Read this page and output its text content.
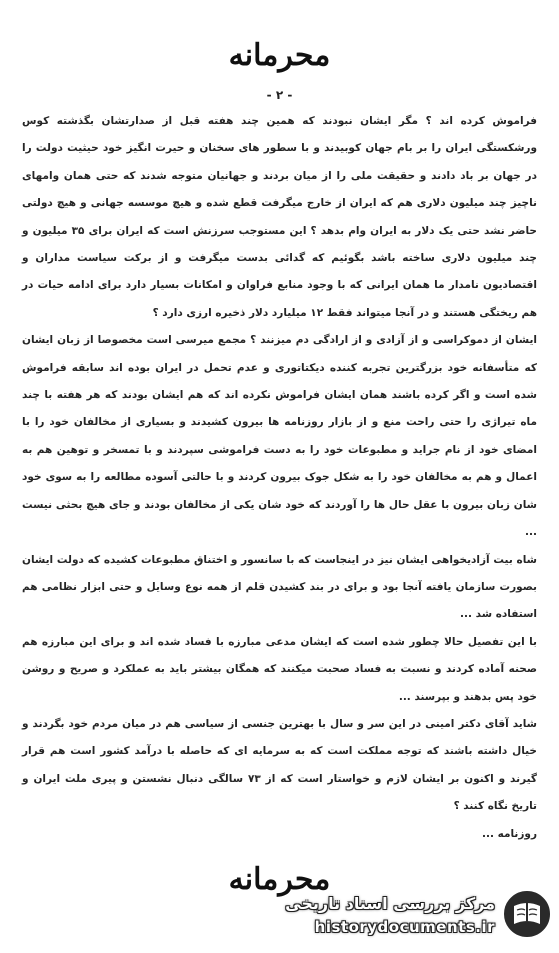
محرمانه
- ۲ -

فراموش کرده اند ؟ مگر ایشان نبودند که همین چند هفته قبل از صدارتشان بگذشته کوس ورشکستگی ایران را بر بام جهان کوبیدند و با سطور های سخنان و حیرت انگیز خود حیثیت دولت را در جهان بر باد دادند و حقیقت ملی را از میان بردند و جهانیان متوجه شدند که حتی همان وامهای ناچیز چند میلیون دلاری هم که ایران از خارج میگرفت قطع شده و هیچ موسسه جهانی و هیچ دولتی حاضر نشد حتی یک دلار به ایران وام بدهد ؟ این مستوجب سرزنش است که ایران برای ۳۵ میلیون و چند میلیون دلاری ساخته باشد بگوئیم که گدائی بدست میگرفت و از برکت سیاست مداران و اقتصادیون نامدار ما همان ایرانی که با وجود منابع فراوان و امکانات بسیار دارد برای ادامه حیات در هم ریختگی هستند و در آنجا میتواند فقط ۱۲ میلیارد دلار ذخیره ارزی دارد ؟

ایشان از دموکراسی و از آزادی و از ارادگی دم میزنند ؟ مجمع میرسی است مخصوصا از زبان ایشان که متأسفانه خود بزرگترین تجربه کننده دیکتاتوری و عدم تحمل در ایران بوده اند سابقه فراموش شده است و اگر کرده باشند همان ایشان فراموش نکرده اند که هم ایشان بودند که هر هفته با چند ماه تیراژی را حتی راحت منع و از بازار روزنامه ها بیرون کشیدند و بسیاری از مخالفان خود را با امضای خود از نام جراید و مطبوعات خود را به دست فراموشی سپردند و با تمسخر و توهین هم به اعمال و هم به مخالفان خود را به شکل جوک بیرون کردند و با حالتی آسوده مطالعه را به سوی خود شان زبان بیرون با عقل حال ها را آوردند که خود شان یکی از مخالفان بودند و جای هیچ بحثی نیست ...

شاه بیت آزادیخواهی ایشان نیز در اینجاست که با سانسور و اختناق مطبوعات کشیده که دولت ایشان بصورت سازمان یافته آنجا بود و برای در بند کشیدن قلم از همه نوع وسایل و حتی ابزار نظامی هم استفاده شد ...

با این تفصیل حالا چطور شده است که ایشان مدعی مبارزه با فساد شده اند و برای این مبارزه هم صحنه آماده کردند و نسبت به فساد صحبت میکنند که همگان بیشتر باید به عملکرد و صریح و روشن خود پس بدهند و بپرسند ...

شاید آقای دکتر امینی در این سر و سال با بهترین جنسی از سیاسی هم در میان مردم خود بگردند و خیال داشته باشند که توجه مملکت است که به سرمایه ای که حاصله با درآمد کشور است هم قرار گیرند و اکنون بر ایشان لازم و خواستار است که از ۷۳ سالگی دنبال نشستن و پیری ملت ایران و تاریخ نگاه کنند ؟

روزنامه ...

محرمانه
مرکز بررسی اسناد تاریخی
historydocuments.ir
